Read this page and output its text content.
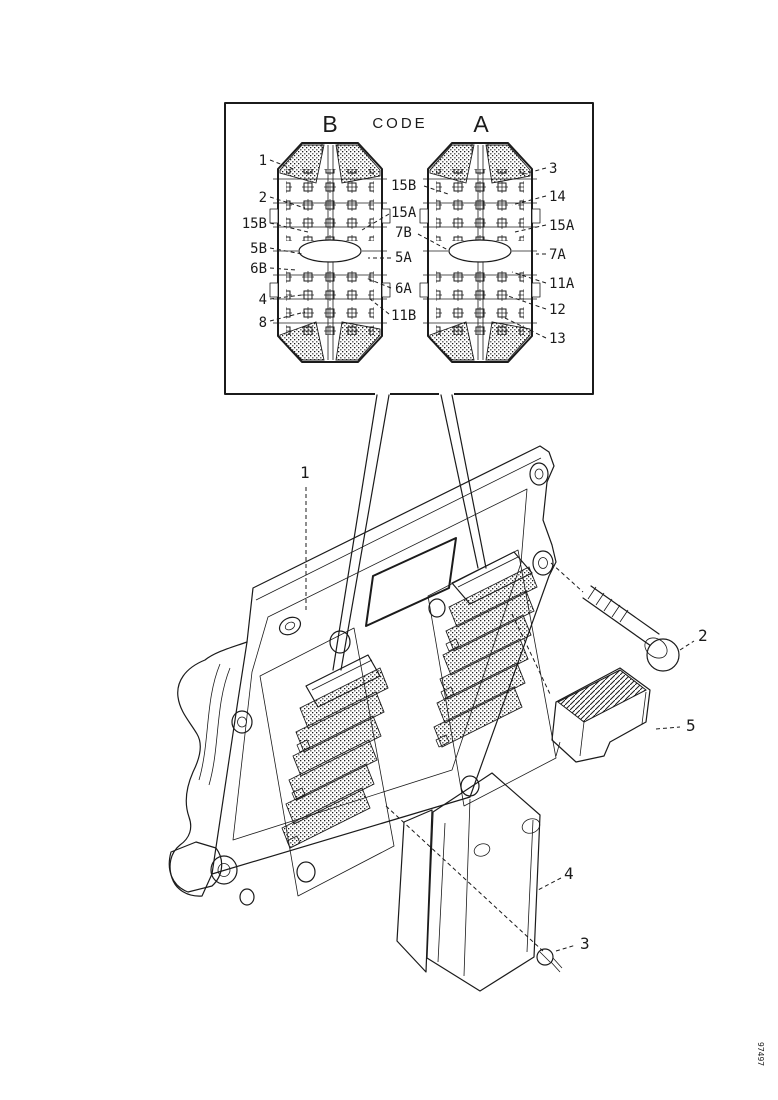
B CODE A
1
2
15B
5B
6B
4
8
15B
15A
7B
5A
6A
11B
3
14
15A
7A
11A
12
13
1
2
5
4
3
97497
